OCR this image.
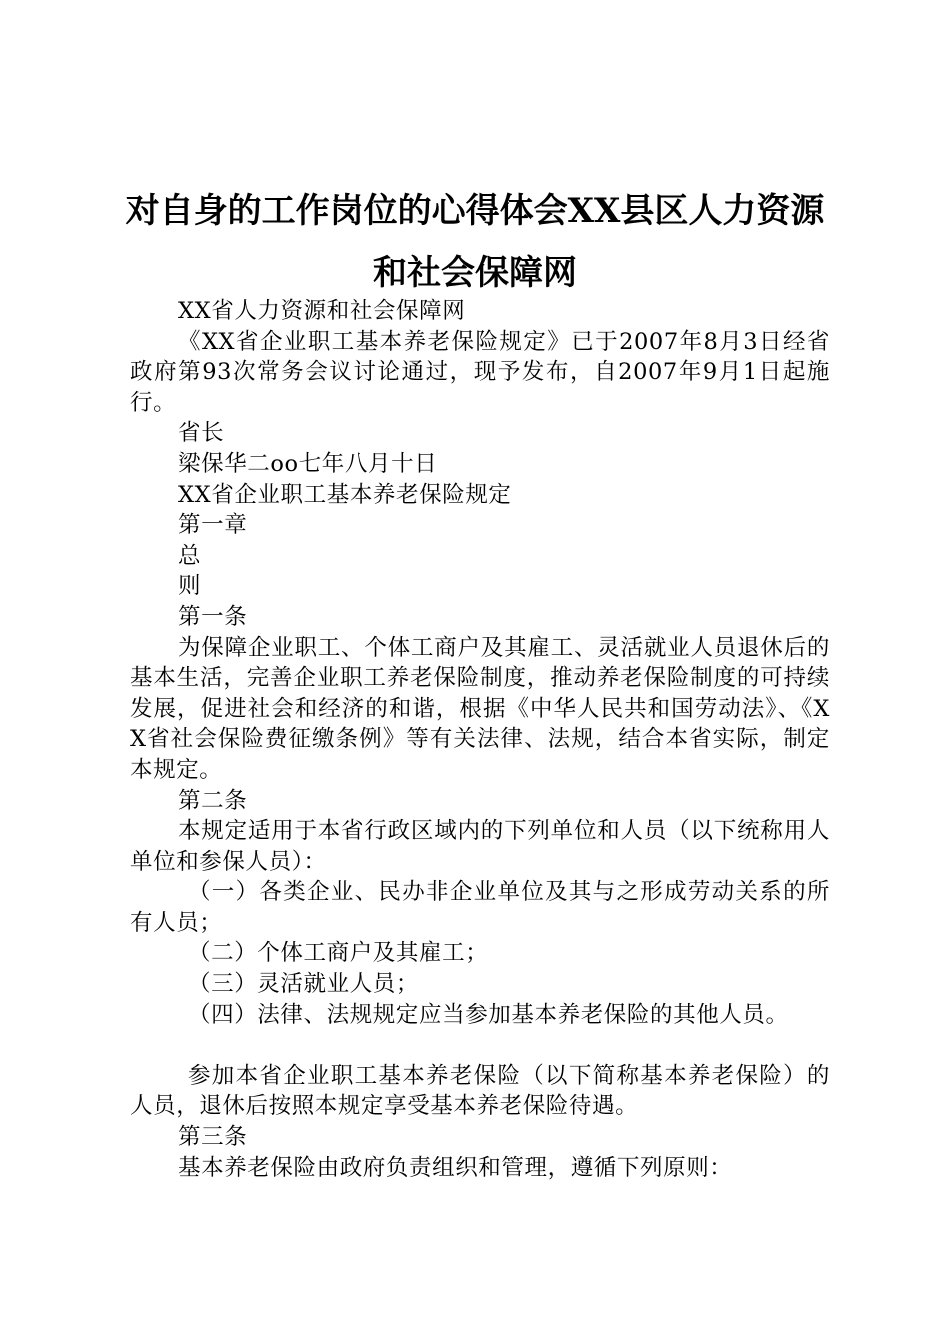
对自身的工作岗位的心得体会XX县区人力资源和社会保障网

XX省人力资源和社会保障网

《XX省企业职工基本养老保险规定》已于2007年8月3日经省政府第93次常务会议讨论通过，现予发布，自2007年9月1日起施行。

省长

梁保华二oo七年八月十日

XX省企业职工基本养老保险规定

第一章

总

则

第一条

为保障企业职工、个体工商户及其雇工、灵活就业人员退休后的基本生活，完善企业职工养老保险制度，推动养老保险制度的可持续发展，促进社会和经济的和谐，根据《中华人民共和国劳动法》、《XX省社会保险费征缴条例》等有关法律、法规，结合本省实际，制定本规定。

第二条

本规定适用于本省行政区域内的下列单位和人员（以下统称用人单位和参保人员）：

（一）各类企业、民办非企业单位及其与之形成劳动关系的所有人员；

（二）个体工商户及其雇工；

（三）灵活就业人员；

（四）法律、法规规定应当参加基本养老保险的其他人员。

参加本省企业职工基本养老保险（以下简称基本养老保险）的人员，退休后按照本规定享受基本养老保险待遇。

第三条

基本养老保险由政府负责组织和管理，遵循下列原则：
